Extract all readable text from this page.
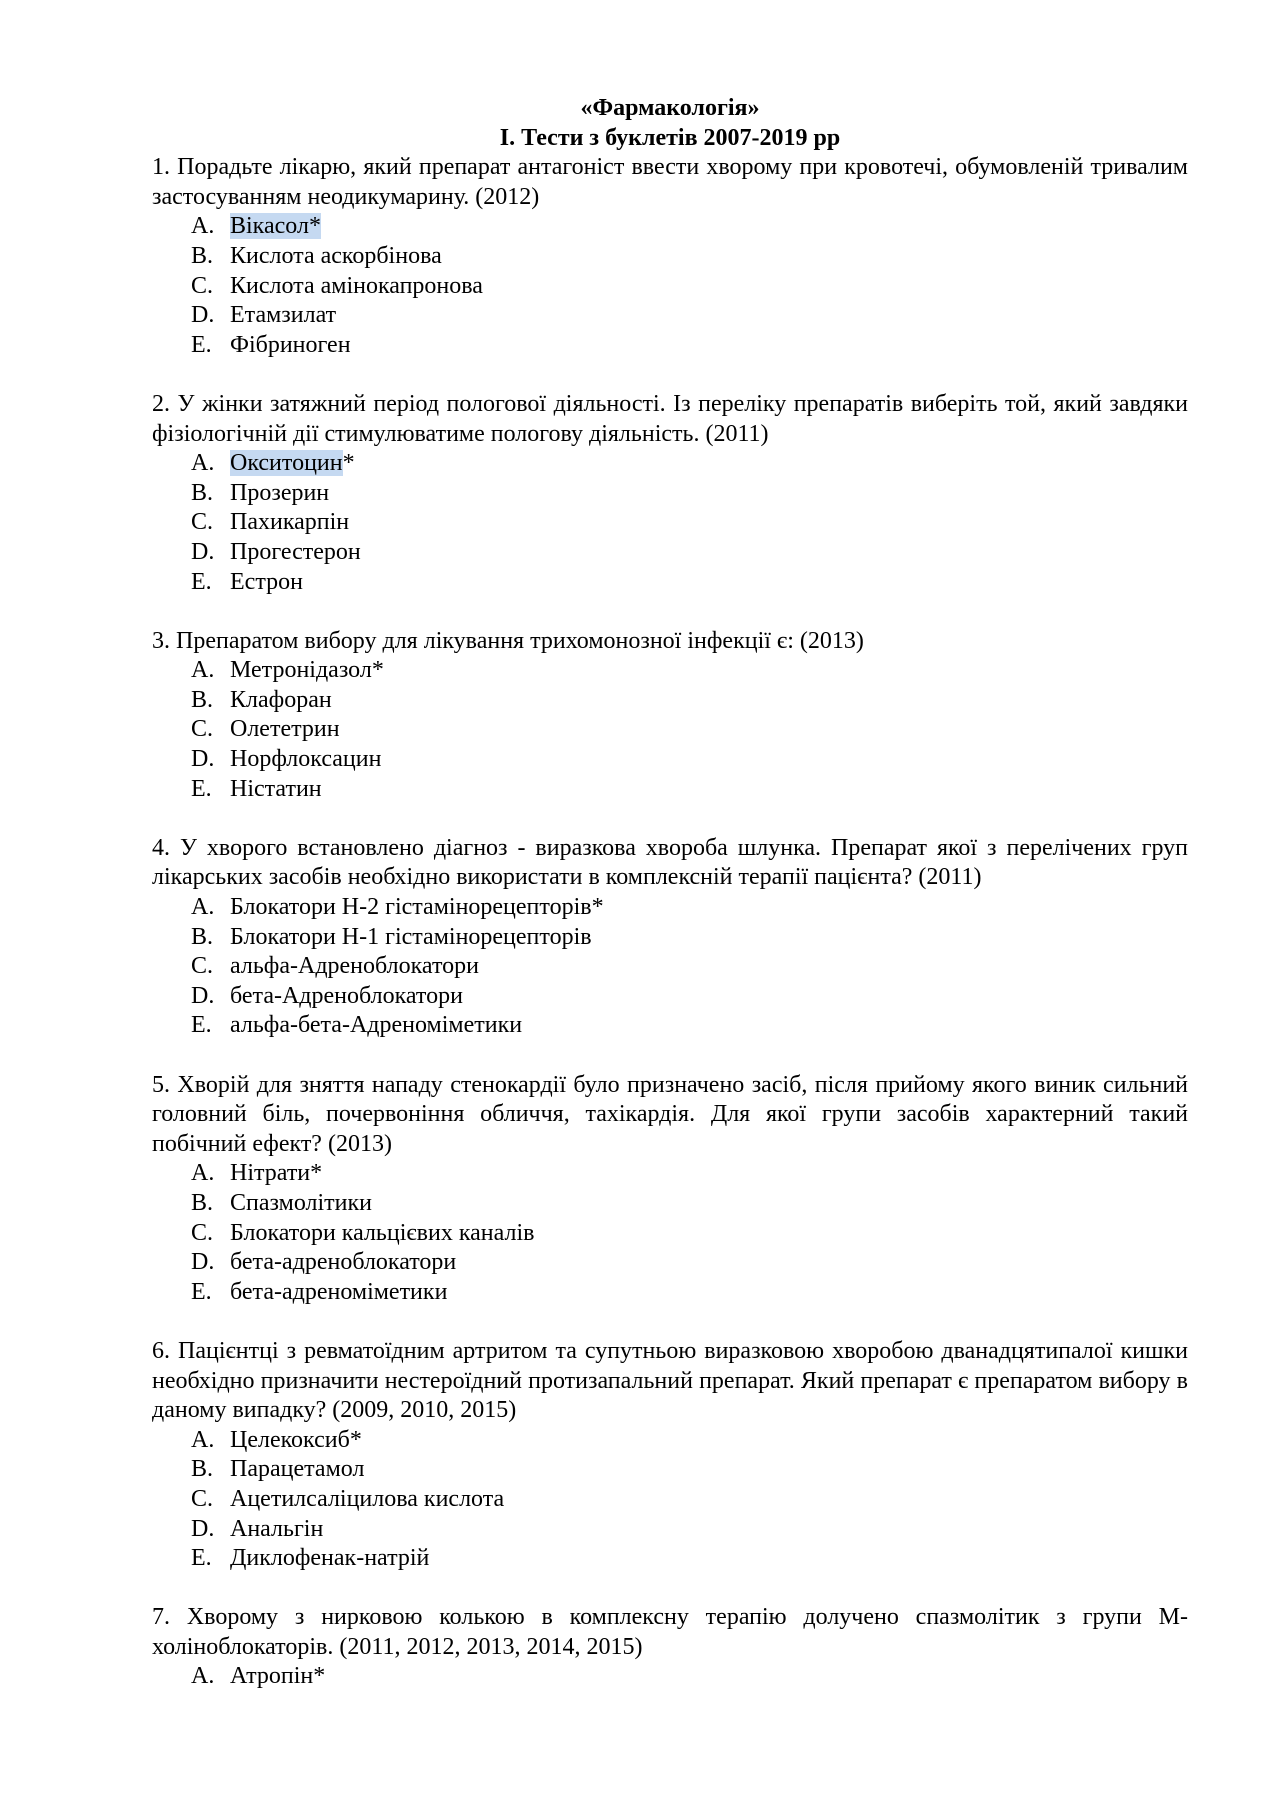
«Фармакологія»

I. Тести з буклетів 2007-2019 рр

1. Порадьте лікарю, який препарат антагоніст ввести хворому при кровотечі, обумовленій тривалим застосуванням неодикумарину. (2012)

A. Вікасол*
B. Кислота аскорбінова
C. Кислота амінокапронова
D. Етамзилат
E. Фібриноген

2. У жінки затяжний період пологової діяльності. Із переліку препаратів виберіть той, який завдяки фізіологічній дії стимулюватиме пологову діяльність. (2011)

A. Окситоцин*
B. Прозерин
C. Пахикарпін
D. Прогестерон
E. Естрон

3. Препаратом вибору для лікування трихомонозної інфекції є: (2013)

A. Метронідазол*
B. Клафоран
C. Олететрин
D. Норфлоксацин
E. Ністатин

4. У хворого встановлено діагноз - виразкова хвороба шлунка. Препарат якої з перелічених груп лікарських засобів необхідно використати в комплексній терапії пацієнта? (2011)

A. Блокатори Н-2 гістамінорецепторів*
B. Блокатори Н-1 гістамінорецепторів
C. альфа-Адреноблокатори
D. бета-Адреноблокатори
E. альфа-бета-Адреноміметики

5. Хворій для зняття нападу стенокардії було призначено засіб, після прийому якого виник сильний головний біль, почервоніння обличчя, тахікардія. Для якої групи засобів характерний такий побічний ефект? (2013)

A. Нітрати*
B. Спазмолітики
C. Блокатори кальцієвих каналів
D. бета-адреноблокатори
E. бета-адреноміметики

6. Пацієнтці з ревматоїдним артритом та супутньою виразковою хворобою дванадцятипалої кишки необхідно призначити нестероїдний протизапальний препарат. Який препарат є препаратом вибору в даному випадку? (2009, 2010, 2015)

A. Целекоксиб*
B. Парацетамол
C. Ацетилсаліцилова кислота
D. Анальгін
E. Диклофенак-натрій

7. Хворому з нирковою колькою в комплексну терапію долучено спазмолітик з групи М-холіноблокаторів. (2011, 2012, 2013, 2014, 2015)

A. Атропін*
